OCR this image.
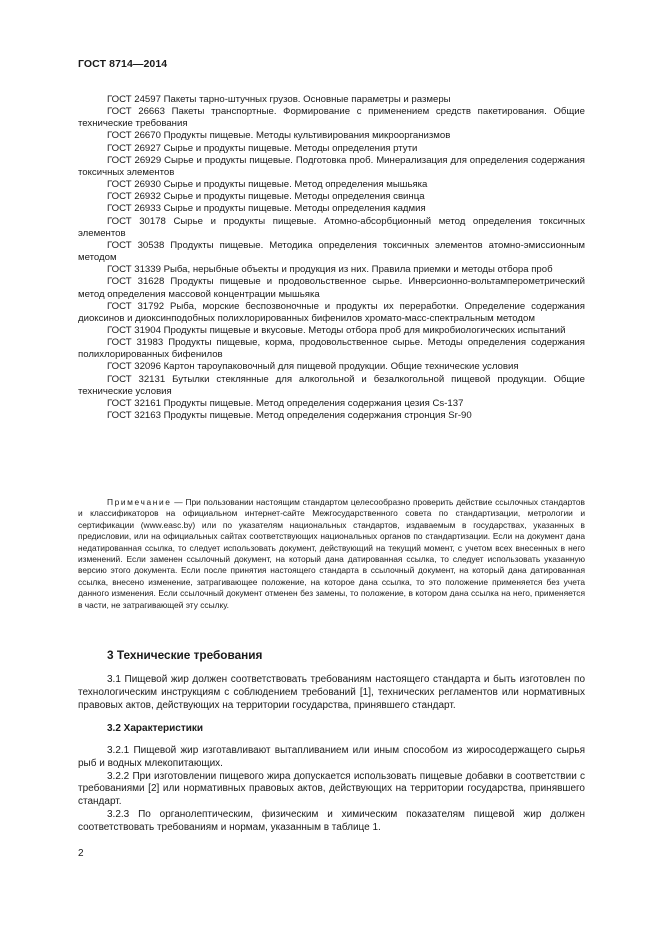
ГОСТ 8714—2014

ГОСТ 24597 Пакеты тарно-штучных грузов. Основные параметры и размеры

ГОСТ 26663 Пакеты транспортные. Формирование с применением средств пакетирования. Общие технические требования

ГОСТ 26670 Продукты пищевые. Методы культивирования микроорганизмов

ГОСТ 26927 Сырье и продукты пищевые. Методы определения ртути

ГОСТ 26929 Сырье и продукты пищевые. Подготовка проб. Минерализация для определения содержания токсичных элементов

ГОСТ 26930 Сырье и продукты пищевые. Метод определения мышьяка

ГОСТ 26932 Сырье и продукты пищевые. Методы определения свинца

ГОСТ 26933 Сырье и продукты пищевые. Методы определения кадмия

ГОСТ 30178 Сырье и продукты пищевые. Атомно-абсорбционный метод определения токсичных элементов

ГОСТ 30538 Продукты пищевые. Методика определения токсичных элементов атомно-эмиссионным методом

ГОСТ 31339 Рыба, нерыбные объекты и продукция из них. Правила приемки и методы отбора проб

ГОСТ 31628 Продукты пищевые и продовольственное сырье. Инверсионно-вольтамперометрический метод определения массовой концентрации мышьяка

ГОСТ 31792 Рыба, морские беспозвоночные и продукты их переработки. Определение содержания диоксинов и диоксинподобных полихлорированных бифенилов хромато-масс-спектральным методом

ГОСТ 31904 Продукты пищевые и вкусовые. Методы отбора проб для микробиологических испытаний

ГОСТ 31983 Продукты пищевые, корма, продовольственное сырье. Методы определения содержания полихлорированных бифенилов

ГОСТ 32096 Картон тароупаковочный для пищевой продукции. Общие технические условия

ГОСТ 32131 Бутылки стеклянные для алкогольной и безалкогольной пищевой продукции. Общие технические условия

ГОСТ 32161 Продукты пищевые. Метод определения содержания цезия Cs-137

ГОСТ 32163 Продукты пищевые. Метод определения содержания стронция Sr-90

Примечание — При пользовании настоящим стандартом целесообразно проверить действие ссылочных стандартов и классификаторов на официальном интернет-сайте Межгосударственного совета по стандартизации, метрологии и сертификации (www.easc.by) или по указателям национальных стандартов, издаваемым в государствах, указанных в предисловии, или на официальных сайтах соответствующих национальных органов по стандартизации. Если на документ дана недатированная ссылка, то следует использовать документ, действующий на текущий момент, с учетом всех внесенных в него изменений. Если заменен ссылочный документ, на который дана датированная ссылка, то следует использовать указанную версию этого документа. Если после принятия настоящего стандарта в ссылочный документ, на который дана датированная ссылка, внесено изменение, затрагивающее положение, на которое дана ссылка, то это положение применяется без учета данного изменения. Если ссылочный документ отменен без замены, то положение, в котором дана ссылка на него, применяется в части, не затрагивающей эту ссылку.

3 Технические требования

3.1 Пищевой жир должен соответствовать требованиям настоящего стандарта и быть изготовлен по технологическим инструкциям с соблюдением требований [1], технических регламентов или нормативных правовых актов, действующих на территории государства, принявшего стандарт.

3.2 Характеристики

3.2.1 Пищевой жир изготавливают вытапливанием или иным способом из жиросодержащего сырья рыб и водных млекопитающих.

3.2.2 При изготовлении пищевого жира допускается использовать пищевые добавки в соответствии с требованиями [2] или нормативных правовых актов, действующих на территории государства, принявшего стандарт.

3.2.3 По органолептическим, физическим и химическим показателям пищевой жир должен соответствовать требованиям и нормам, указанным в таблице 1.

2
